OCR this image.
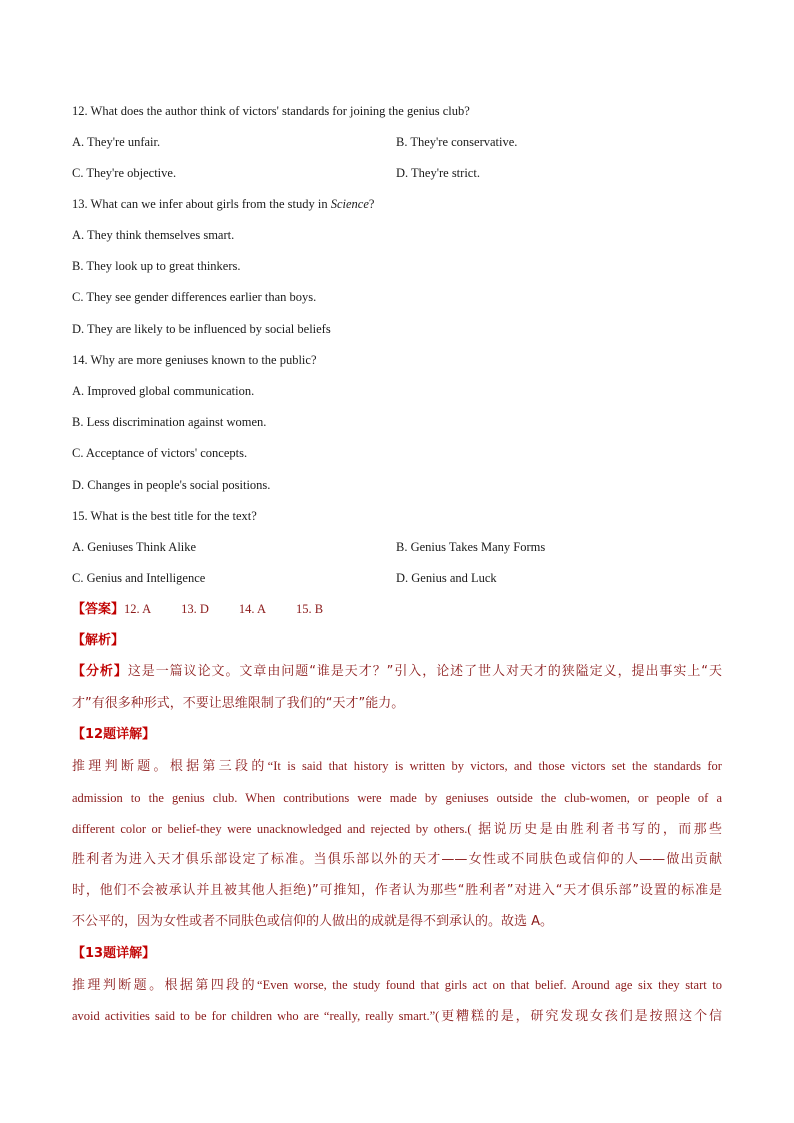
12. What does the author think of victors' standards for joining the genius club?
A. They're unfair.	B. They're conservative.
C. They're objective.	D. They're strict.
13. What can we infer about girls from the study in Science?
A. They think themselves smart.
B. They look up to great thinkers.
C. They see gender differences earlier than boys.
D. They are likely to be influenced by social beliefs
14. Why are more geniuses known to the public?
A. Improved global communication.
B. Less discrimination against women.
C. Acceptance of victors' concepts.
D. Changes in people's social positions.
15. What is the best title for the text?
A. Geniuses Think Alike	B. Genius Takes Many Forms
C. Genius and Intelligence	D. Genius and Luck
【答案】12. A 13. D 14. A 15. B
【解析】
【分析】这是一篇议论文。文章由问题“谁是天才？”引入，论述了世人对天才的狭隘定义，提出事实上“天
才”有很多种形式，不要让思维限制了我们的“天才”能力。
【12题详解】
推理判断题。根据第三段的“It is said that history is written by victors, and those victors set the standards for
admission to the genius club. When contributions were made by geniuses outside the club-women, or people of a
different color or belief-they were unacknowledged and rejected by others.( 据说历史是由胜利者书写的，而那些
胜利者为进入天才俱乐部设定了标准。当俱乐部以外的天才——女性或不同肤色或信仰的人——做出贡献
时，他们不会被承认并且被其他人拒绝)”可推知，作者认为那些“胜利者”对进入“天才俱乐部”设置的标准是
不公平的，因为女性或者不同肤色或信仰的人做出的成就是得不到承认的。故选 A。
【13题详解】
推理判断题。根据第四段的“Even worse, the study found that girls act on that belief. Around age six they start to
avoid activities said to be for children who are “really, really smart.”(更糟糕的是，研究发现女孩们是按照这个信
